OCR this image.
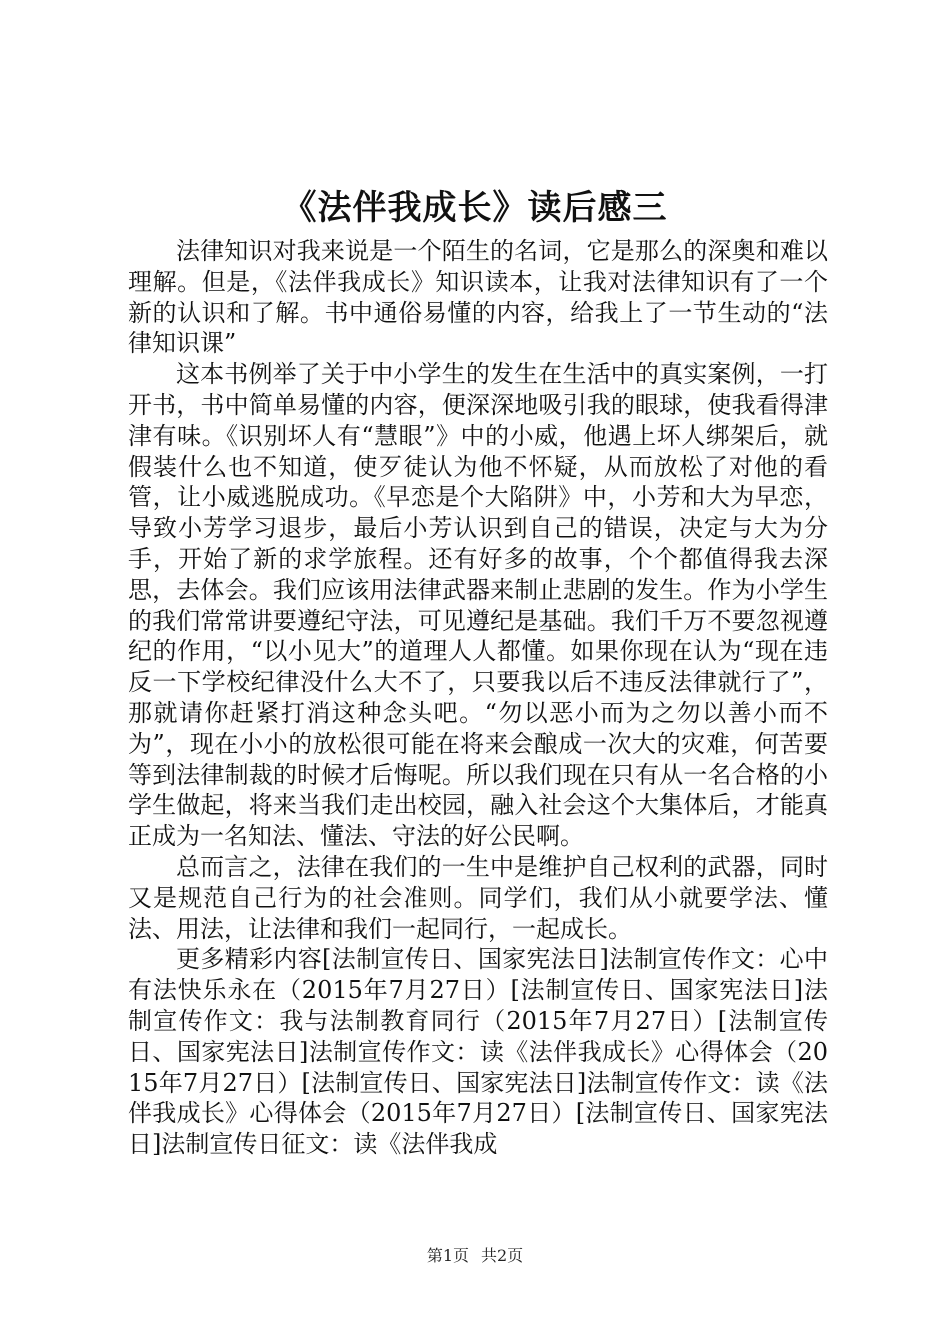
《法伴我成长》读后感三

法律知识对我来说是一个陌生的名词，它是那么的深奥和难以理解。但是，《法伴我成长》知识读本，让我对法律知识有了一个新的认识和了解。书中通俗易懂的内容，给我上了一节生动的“法律知识课”

这本书例举了关于中小学生的发生在生活中的真实案例，一打开书，书中简单易懂的内容，便深深地吸引我的眼球，使我看得津津有味。《识别坏人有“慧眼”》中的小威，他遇上坏人绑架后，就假装什么也不知道，使歹徒认为他不怀疑，从而放松了对他的看管，让小威逃脱成功。《早恋是个大陷阱》中，小芳和大为早恋，导致小芳学习退步，最后小芳认识到自己的错误，决定与大为分手，开始了新的求学旅程。还有好多的故事，个个都值得我去深思，去体会。我们应该用法律武器来制止悲剧的发生。作为小学生的我们常常讲要遵纪守法，可见遵纪是基础。我们千万不要忽视遵纪的作用，“以小见大”的道理人人都懂。如果你现在认为“现在违反一下学校纪律没什么大不了，只要我以后不违反法律就行了”，那就请你赶紧打消这种念头吧。“勿以恶小而为之勿以善小而不为”，现在小小的放松很可能在将来会酿成一次大的灾难，何苦要等到法律制裁的时候才后悔呢。所以我们现在只有从一名合格的小学生做起，将来当我们走出校园，融入社会这个大集体后，才能真正成为一名知法、懂法、守法的好公民啊。

总而言之，法律在我们的一生中是维护自己权利的武器，同时又是规范自己行为的社会准则。同学们，我们从小就要学法、懂法、用法，让法律和我们一起同行，一起成长。

更多精彩内容[法制宣传日、国家宪法日]法制宣传作文：心中有法快乐永在（2015年7月27日）[法制宣传日、国家宪法日]法制宣传作文：我与法制教育同行（2015年7月27日）[法制宣传日、国家宪法日]法制宣传作文：读《法伴我成长》心得体会（2015年7月27日）[法制宣传日、国家宪法日]法制宣传作文：读《法伴我成长》心得体会（2015年7月27日）[法制宣传日、国家宪法日]法制宣传日征文：读《法伴我成

第1页 共2页
